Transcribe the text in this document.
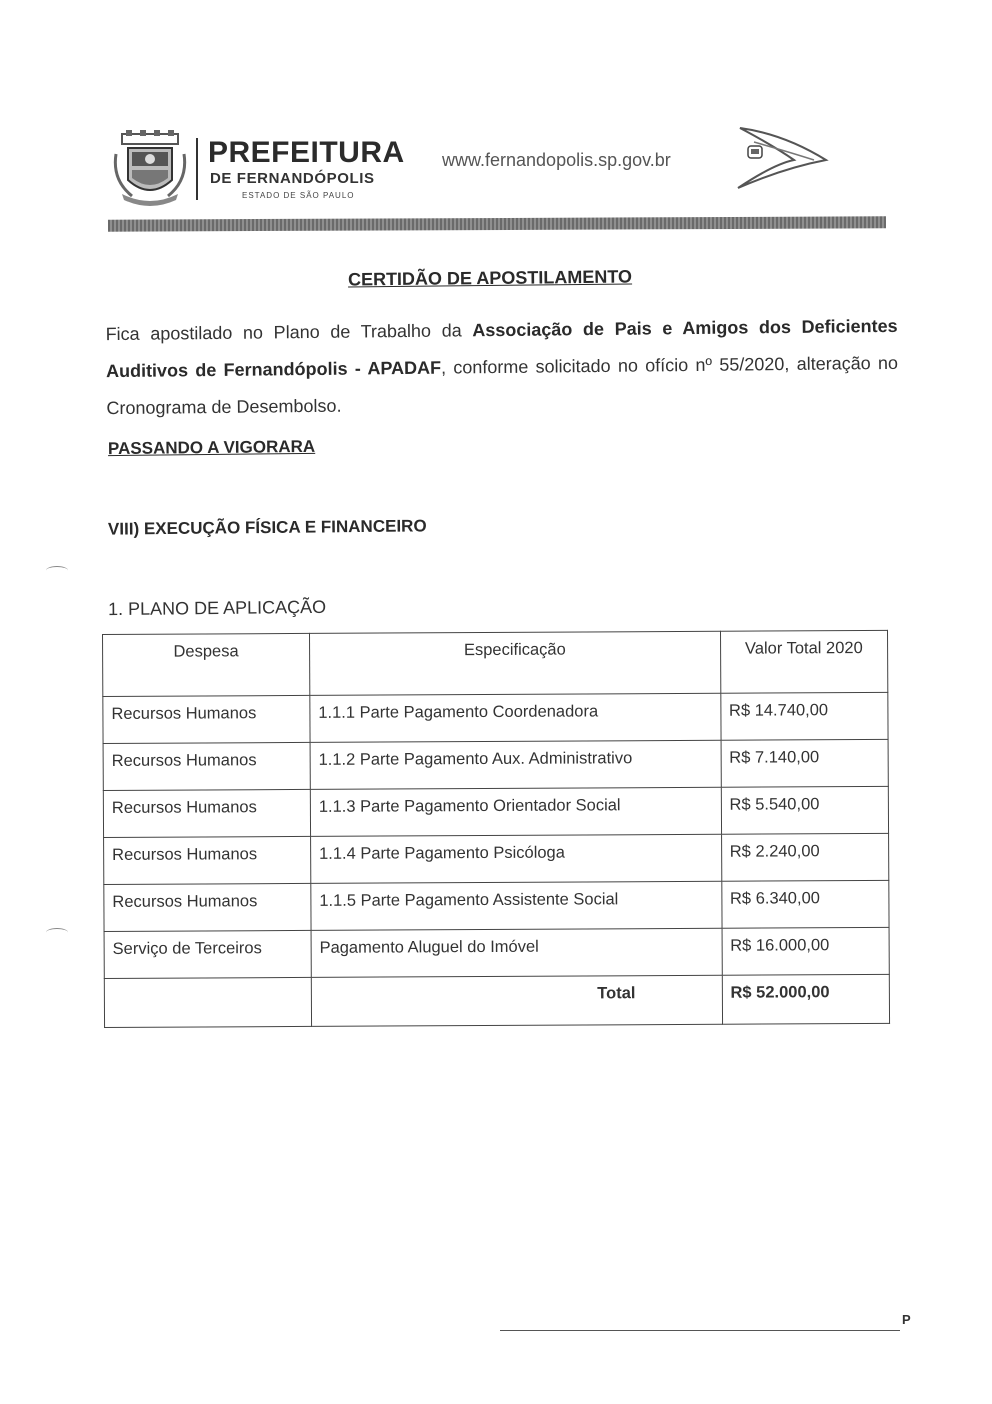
PREFEITURA
DE FERNANDÓPOLIS
ESTADO DE SÃO PAULO
www.fernandopolis.sp.gov.br
CERTIDÃO DE APOSTILAMENTO
Fica apostilado no Plano de Trabalho da Associação de Pais e Amigos dos Deficientes Auditivos de Fernandópolis - APADAF, conforme solicitado no ofício nº 55/2020, alteração no Cronograma de Desembolso.
PASSANDO A VIGORARA
VIII) EXECUÇÃO FÍSICA E FINANCEIRO
1. PLANO DE APLICAÇÃO
Despesa	Especificação	Valor Total 2020
Recursos Humanos	1.1.1 Parte Pagamento Coordenadora	R$ 14.740,00
Recursos Humanos	1.1.2 Parte Pagamento Aux. Administrativo	R$ 7.140,00
Recursos Humanos	1.1.3 Parte Pagamento Orientador Social	R$ 5.540,00
Recursos Humanos	1.1.4 Parte Pagamento Psicóloga	R$ 2.240,00
Recursos Humanos	1.1.5 Parte Pagamento Assistente Social	R$ 6.340,00
Serviço de Terceiros	Pagamento Aluguel do Imóvel	R$ 16.000,00
	Total	R$ 52.000,00
P
